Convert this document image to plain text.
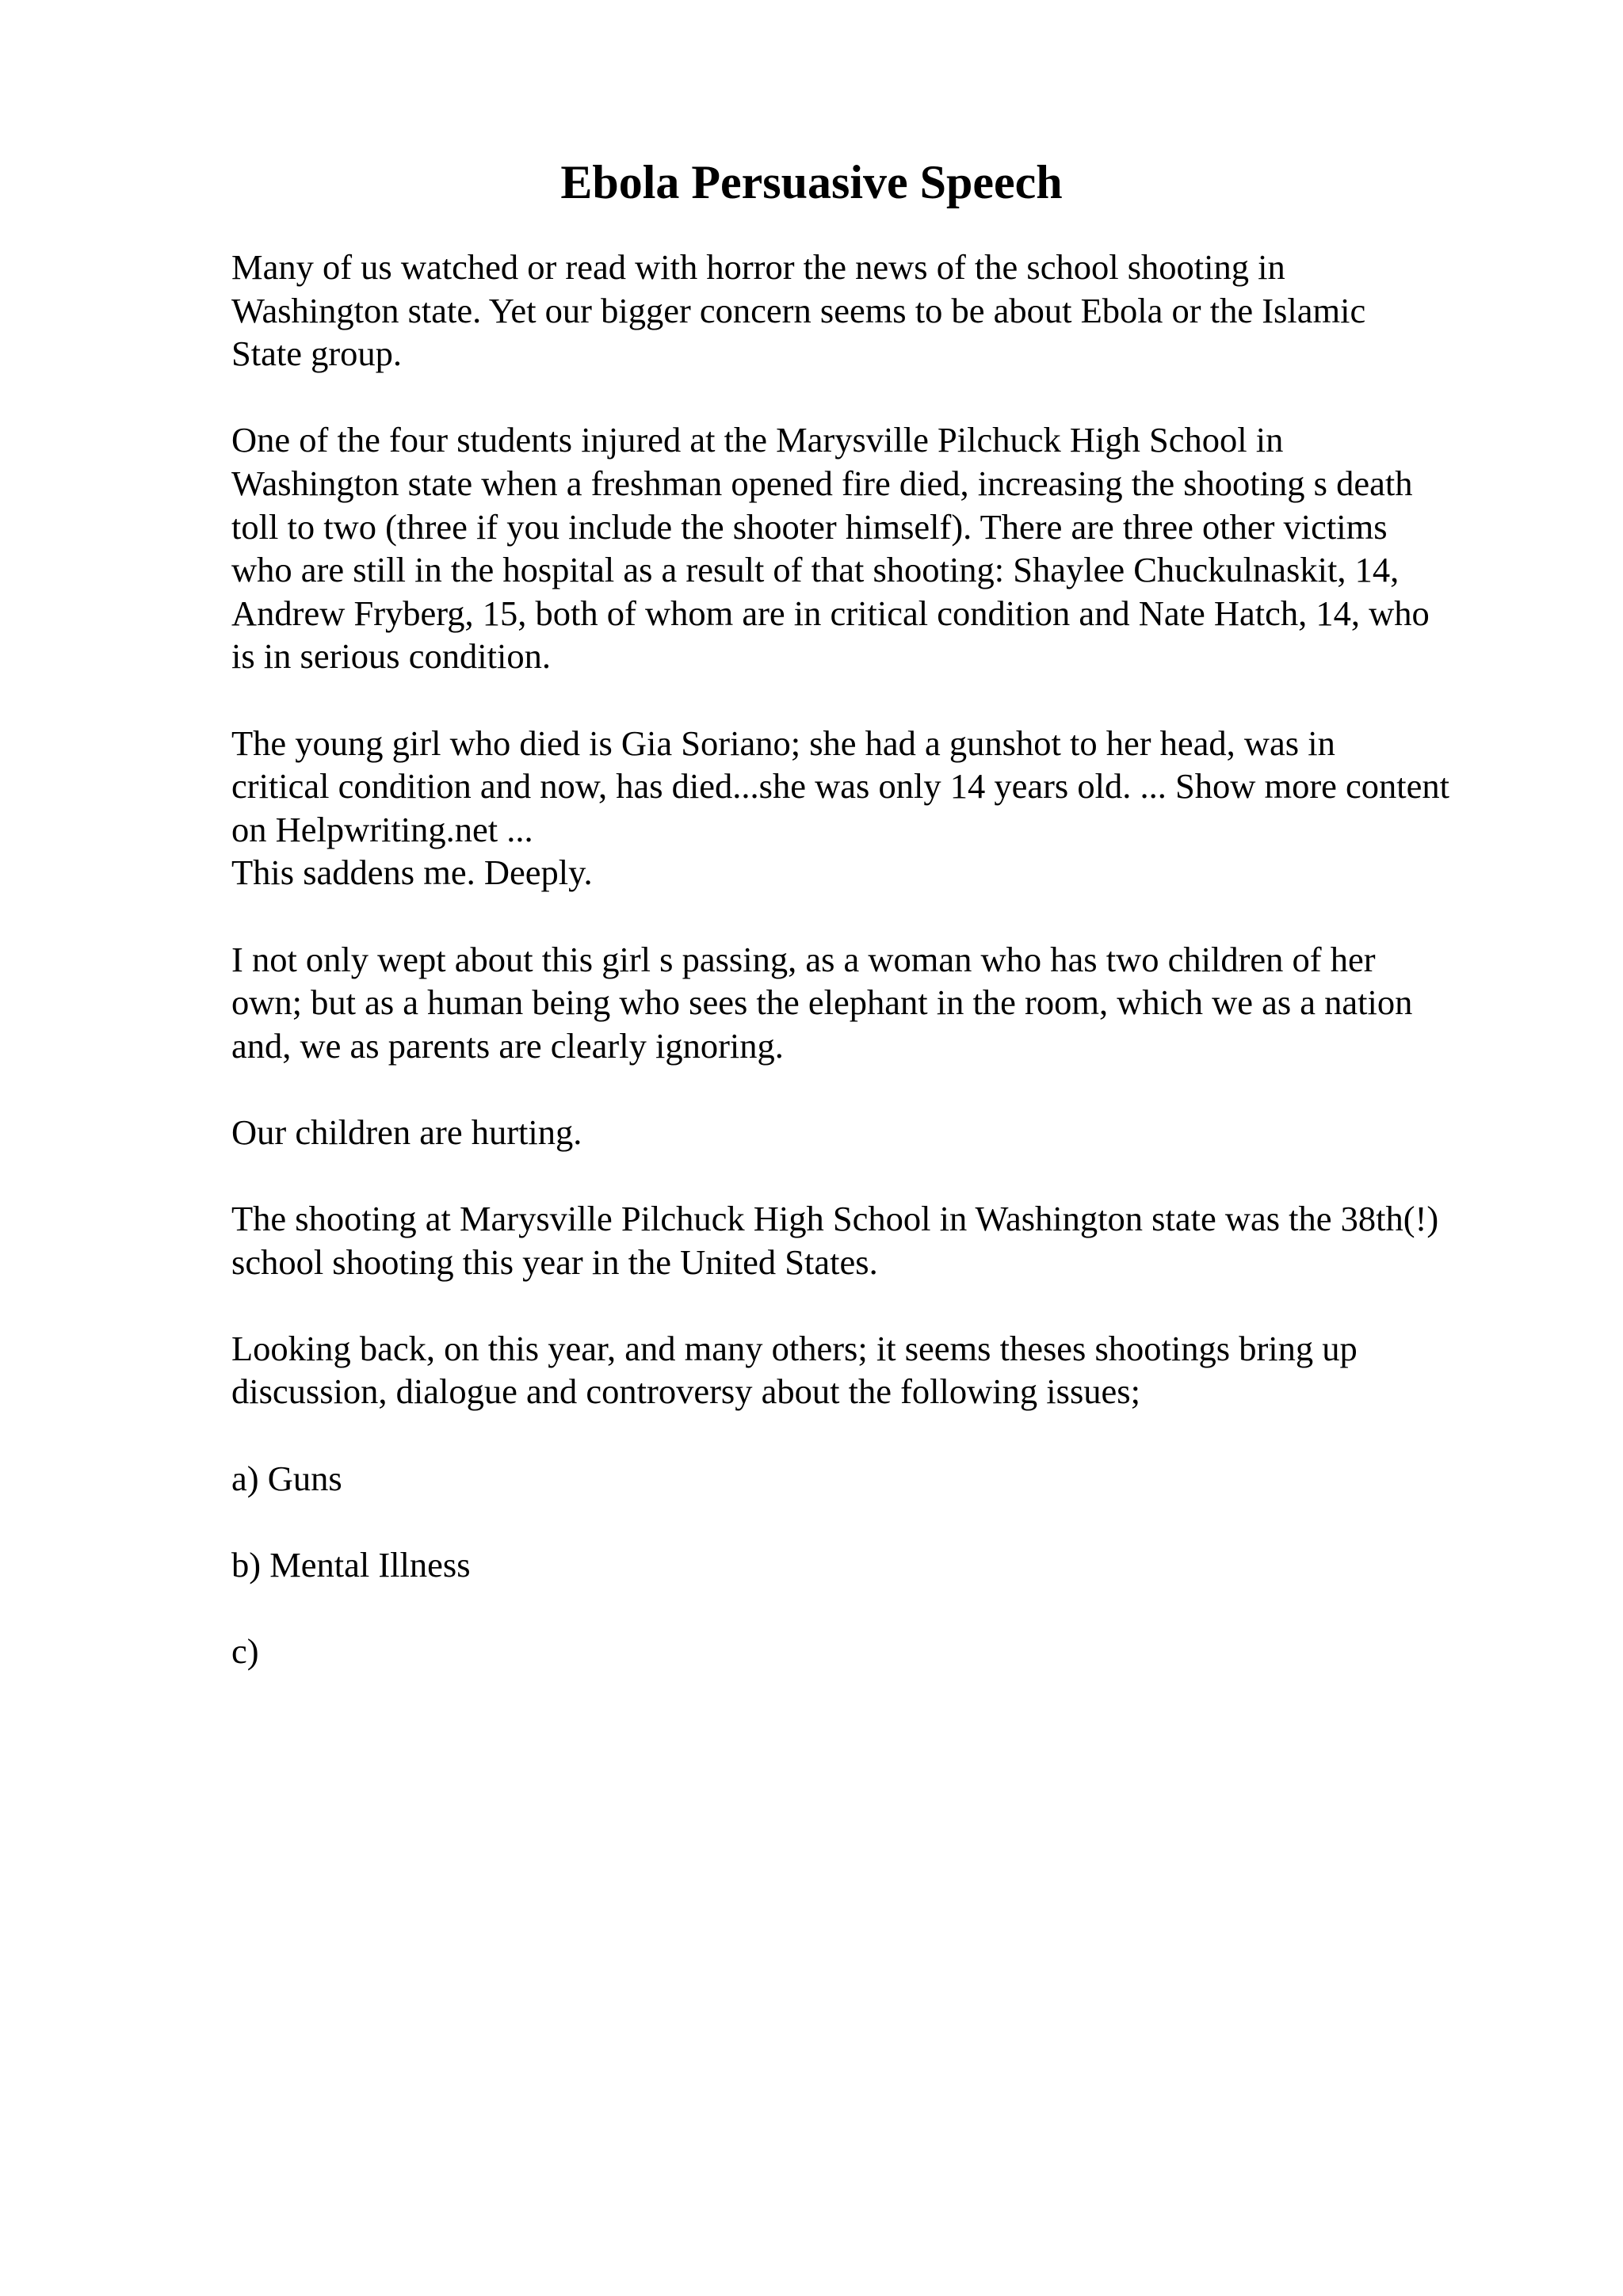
Ebola Persuasive Speech

Many of us watched or read with horror the news of the school shooting in
Washington state. Yet our bigger concern seems to be about Ebola or the Islamic
State group.

One of the four students injured at the Marysville Pilchuck High School in
Washington state when a freshman opened fire died, increasing the shooting s death
toll to two (three if you include the shooter himself). There are three other victims
who are still in the hospital as a result of that shooting: Shaylee Chuckulnaskit, 14,
Andrew Fryberg, 15, both of whom are in critical condition and Nate Hatch, 14, who
is in serious condition.

The young girl who died is Gia Soriano; she had a gunshot to her head, was in
critical condition and now, has died...she was only 14 years old. ... Show more content
on Helpwriting.net ...

This saddens me. Deeply.

I not only wept about this girl s passing, as a woman who has two children of her
own; but as a human being who sees the elephant in the room, which we as a nation
and, we as parents are clearly ignoring.

Our children are hurting.

The shooting at Marysville Pilchuck High School in Washington state was the 38th(!)
school shooting this year in the United States.

Looking back, on this year, and many others; it seems theses shootings bring up
discussion, dialogue and controversy about the following issues;

a) Guns

b) Mental Illness

c)
